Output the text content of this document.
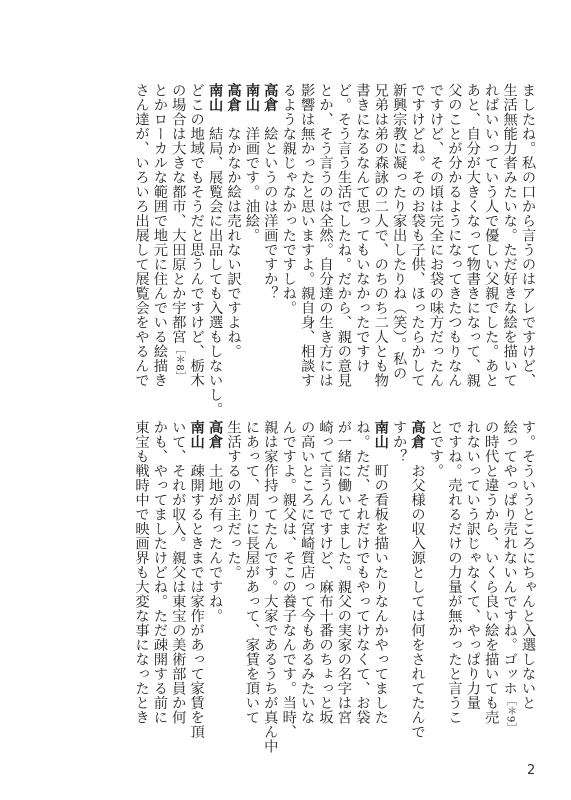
ましたね。私の口から言うのはアレですけど、
生活無能力者みたいな。ただ好きな絵を描いて
ればいいっていう人で優しい父親でした。あと
あと、自分が大きくなって物書きになって、親
父のことが分かるようになってきたつもりなん
ですけど、その頃は完全にお袋の味方だったん
ですけどね。そのお袋も子供、ほったらかして
新興宗教に凝ったり家出したりね（笑）。私の
兄弟は弟の森詠の二人で、のちのち二人とも物
書きになるなんて思ってもいなかったですけ
ど。そう言う生活でしたね。だから、親の意見
とか、そう言うのは全然。自分達の生き方には
影響は無かったと思いますよ。親自身、相談す
るような親じゃなかったですしね。
高倉　絵というのは洋画ですか？
南山　洋画です。油絵。
高倉　なかなか絵は売れない訳ですよね。
南山　結局、展覧会に出品しても入選もしないし。
どこの地域でもそうだと思うんですけど、栃木
の場合は大きな都市、大田原とか宇都宮［＊8］
とかローカルな範囲で地元に住んでいる絵描き
さん達が、いろいろ出展して展覧会をやるんで
す。そういうところにちゃんと入選しないと
絵ってやっぱり売れないんですね。ゴッホ［＊9］
の時代と違うから、いくら良い絵を描いても売
れないっていう訳じゃなくて、やっぱり力量
ですね。売れるだけの力量が無かったと言うこ
とです。
高倉　お父様の収入源としては何をされてたんで
すか？
南山　町の看板を描いたりなんかやってました
ね。ただ、それだけでもやってけなくて、お袋
が一緒に働いてました。親父の実家の名字は宮
崎って言うんですけど、麻布十番のちょっと坂
の高いところに宮崎質店って今もあるみたいな
んですよ。親父は、そこの養子なんです。当時、
親は家作持ってたんです。大家であるうちが真ん中
にあって、周りに長屋があって、家賃を頂いて
生活するのが主だった。
高倉　土地が有ったんですね。
南山　疎開するときまでは家作があって家賃を頂
いて、それが収入。親父は東宝の美術部員か何
かも、やってましたけどね。ただ疎開する前に
東宝も戦時中で映画界も大変な事になったとき
2
